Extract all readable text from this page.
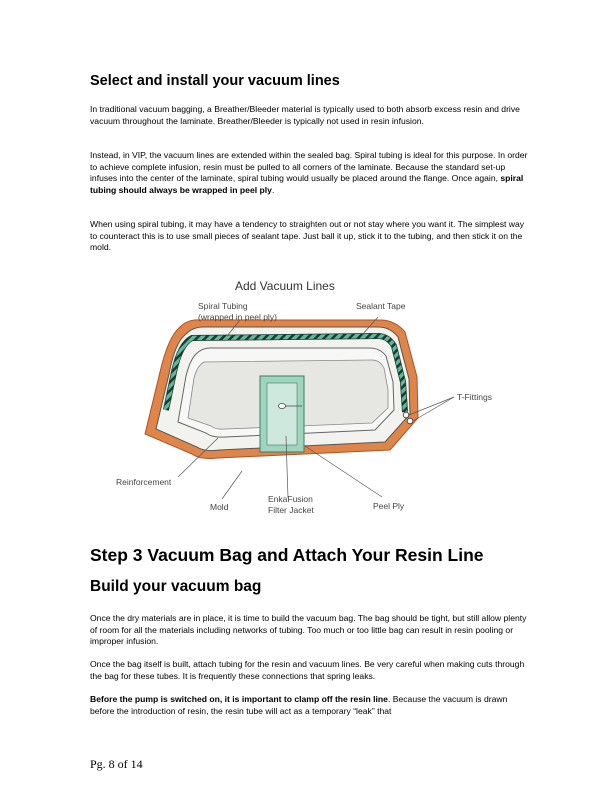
Select and install your vacuum lines

In traditional vacuum bagging, a Breather/Bleeder material is typically used to both absorb excess resin and drive vacuum throughout the laminate. Breather/Bleeder is typically not used in resin infusion.

Instead, in VIP, the vacuum lines are extended within the sealed bag. Spiral tubing is ideal for this purpose. In order to achieve complete infusion, resin must be pulled to all corners of the laminate. Because the standard set-up infuses into the center of the laminate, spiral tubing would usually be placed around the flange. Once again, spiral tubing should always be wrapped in peel ply.

When using spiral tubing, it may have a tendency to straighten out or not stay where you want it. The simplest way to counteract this is to use small pieces of sealant tape. Just ball it up, stick it to the tubing, and then stick it on the mold.

Add Vacuum Lines
Spiral Tubing
(wrapped in peel ply)
Sealant Tape
T-Fittings
Reinforcement
Mold
EnkaFusion
Filter Jacket	Peel Ply
Step 3 Vacuum Bag and Attach Your Resin Line
Build your vacuum bag

Once the dry materials are in place, it is time to build the vacuum bag. The bag should be tight, but still allow plenty of room for all the materials including networks of tubing. Too much or too little bag can result in resin pooling or improper infusion.

Once the bag itself is built, attach tubing for the resin and vacuum lines. Be very careful when making cuts through the bag for these tubes. It is frequently these connections that spring leaks.

Before the pump is switched on, it is important to clamp off the resin line. Because the vacuum is drawn before the introduction of resin, the resin tube will act as a temporary “leak” that

Pg. 8 of 14
